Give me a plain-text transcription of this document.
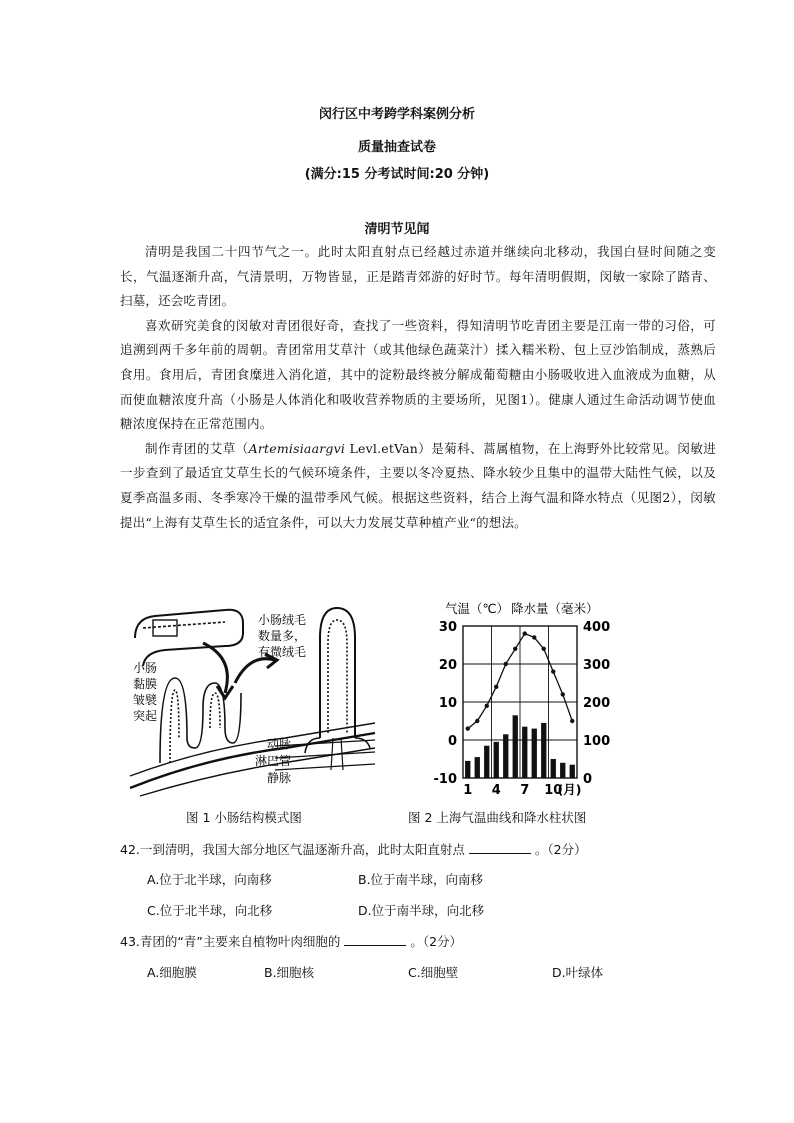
闵行区中考跨学科案例分析
质量抽查试卷
(满分:15 分考试时间:20 分钟)
清明节见闻

清明是我国二十四节气之一。此时太阳直射点已经越过赤道并继续向北移动，我国白昼时间随之变长，气温逐渐升高，气清景明，万物皆显，正是踏青郊游的好时节。每年清明假期，闵敏一家除了踏青、扫墓，还会吃青团。

喜欢研究美食的闵敏对青团很好奇，查找了一些资料，得知清明节吃青团主要是江南一带的习俗，可追溯到两千多年前的周朝。青团常用艾草汁（或其他绿色蔬菜汁）揉入糯米粉、包上豆沙馅制成，蒸熟后食用。食用后，青团食糜进入消化道，其中的淀粉最终被分解成葡萄糖由小肠吸收进入血液成为血糖，从而使血糖浓度升高（小肠是人体消化和吸收营养物质的主要场所，见图1）。健康人通过生命活动调节使血糖浓度保持在正常范围内。

制作青团的艾草（Artemisiaargvi Levl.etVan）是菊科、蒿属植物，在上海野外比较常见。闵敏进一步查到了最适宜艾草生长的气候环境条件，主要以冬冷夏热、降水较少且集中的温带大陆性气候，以及夏季高温多雨、冬季寒冷干燥的温带季风气候。根据这些资料，结合上海气温和降水特点（见图2），闵敏提出“上海有艾草生长的适宜条件，可以大力发展艾草种植产业“的想法。

小肠绒毛
数量多，
有微绒毛
小肠
黏膜
皱襞
突起
动脉
淋巴管
静脉
气温（℃） 降水量（毫米）
-10
0
10
20
30
0
100
200
300
400
1 4 7 10
(月)
图 1 小肠结构模式图	图 2 上海气温曲线和降水柱状图
42.一到清明，我国大部分地区气温逐渐升高，此时太阳直射点	。（2分）
A.位于北半球，向南移	B.位于南半球，向南移
C.位于北半球，向北移	D.位于南半球，向北移
43.青团的“青”主要来自植物叶肉细胞的	。（2分）
A.细胞膜	B.细胞核	C.细胞壁	D.叶绿体
